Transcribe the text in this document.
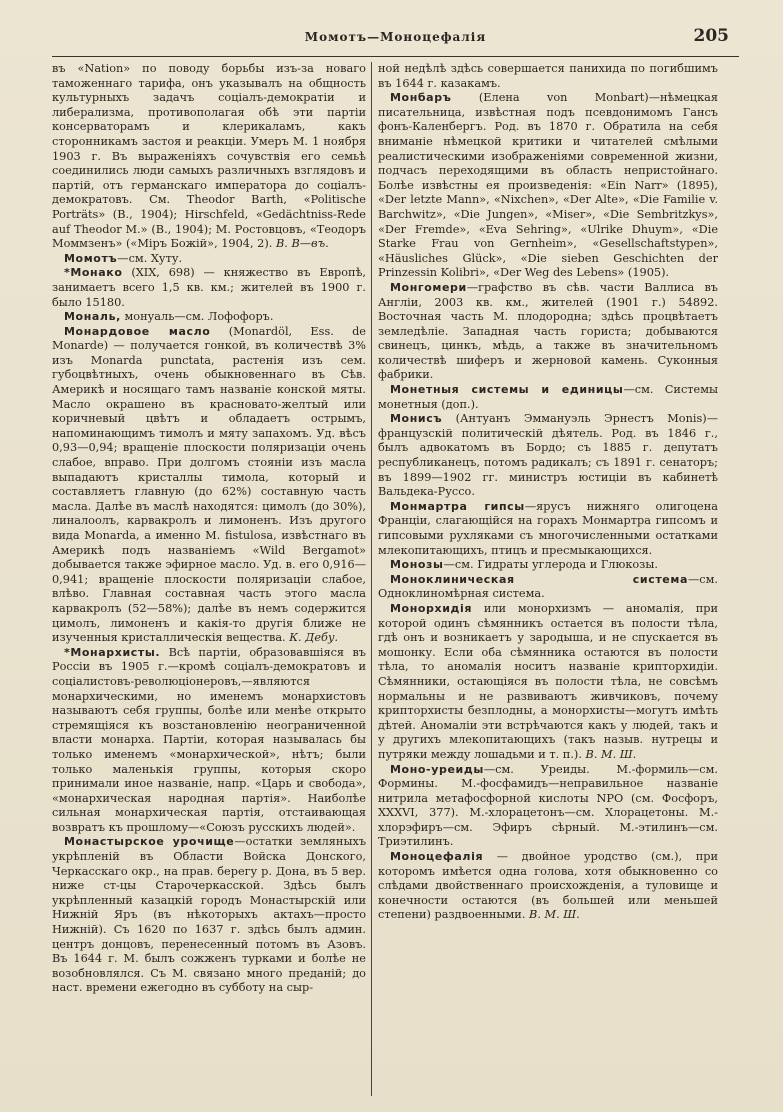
Момотъ—Моноцефалія	205

въ «Nation» по поводу борьбы изъ-за новаго таможеннаго тарифа, онъ указывалъ на общность культурныхъ задачъ соціалъ-демократіи и либерализма, противополагая обѣ эти партіи консерваторамъ и клерикаламъ, какъ сторонникамъ застоя и реакціи. Умеръ М. 1 ноября 1903 г. Въ выраженіяхъ сочувствія его семьѣ соединились люди самыхъ различныхъ взглядовъ и партій, отъ германскаго императора до соціалъ-демократовъ. См. Theodor Barth, «Politische Porträts» (B., 1904); Hirschfeld, «Gedächtniss-Rede auf Theodor M.» (B., 1904); М. Ростовцовъ, «Теодоръ Моммзенъ» («Міръ Божій», 1904, 2). В. В—въ.

Момотъ—см. Хуту.

*Монако (XIX, 698) — княжество въ Европѣ, занимаетъ всего 1,5 кв. км.; жителей въ 1900 г. было 15180.

Мональ, монуаль—см. Лофофоръ.

Монардовое масло (Monardöl, Ess. de Monarde) — получается гонкой, въ количествѣ 3% изъ Monarda punctata, растенія изъ сем. губоцвѣтныхъ, очень обыкновеннаго въ Сѣв. Америкѣ и носящаго тамъ названіе конской мяты. Масло окрашено въ красновато-желтый или коричневый цвѣтъ и обладаетъ острымъ, напоминающимъ тимолъ и мяту запахомъ. Уд. вѣсъ 0,93—0,94; вращеніе плоскости поляризаціи очень слабое, вправо. При долгомъ стояніи изъ масла выпадаютъ кристаллы тимола, который и составляетъ главную (до 62%) составную часть масла. Далѣе въ маслѣ находятся: цимолъ (до 30%), линалоолъ, карвакролъ и лимоненъ. Изъ другого вида Monarda, а именно M. fistulosa, извѣстнаго въ Америкѣ подъ названіемъ «Wild Bergamot» добывается также эфирное масло. Уд. в. его 0,916—0,941; вращеніе плоскости поляризаціи слабое, влѣво. Главная составная часть этого масла карвакролъ (52—58%); далѣе въ немъ содержится цимолъ, лимоненъ и какія-то другія ближе не изученныя кристаллическія вещества. К. Дебу.

*Монархисты. Всѣ партіи, образовавшіяся въ Россіи въ 1905 г.—кромѣ соціалъ-демократовъ и соціалистовъ-революціонеровъ,—являются монархическими, но именемъ монархистовъ называютъ себя группы, болѣе или менѣе открыто стремящіяся къ возстановленію неограниченной власти монарха. Партіи, которая называлась бы только именемъ «монархической», нѣтъ; были только маленькія группы, которыя скоро принимали иное названіе, напр. «Царь и свобода», «монархическая народная партія». Наиболѣе сильная монархическая партія, отстаивающая возвратъ къ прошлому—«Союзъ русскихъ людей».

Монастырское урочище—остатки земляныхъ укрѣпленій въ Области Войска Донского, Черкасскаго окр., на прав. берегу р. Дона, въ 5 вер. ниже ст-цы Старочеркасской. Здѣсь былъ укрѣпленный казацкій городъ Монастырскій или Нижній Яръ (въ нѣкоторыхъ актахъ—просто Нижній). Съ 1620 по 1637 г. здѣсь былъ админ. центръ донцовъ, перенесенный потомъ въ Азовъ. Въ 1644 г. М. былъ сожженъ турками и болѣе не возобновлялся. Съ М. связано много преданій; до наст. времени ежегодно въ субботу на сыр-

ной недѣлѣ здѣсь совершается панихида по погибшимъ въ 1644 г. казакамъ.

Монбаръ (Елена von Monbart)—нѣмецкая писательница, извѣстная подъ псевдонимомъ Гансъ фонъ-Каленбергъ. Род. въ 1870 г. Обратила на себя вниманіе нѣмецкой критики и читателей смѣлыми реалистическими изображеніями современной жизни, подчасъ переходящими въ область непристойнаго. Болѣе извѣстны ея произведенія: «Ein Narr» (1895), «Der letzte Mann», «Nixchen», «Der Alte», «Die Familie v. Barchwitz», «Die Jungen», «Miser», «Die Sembritzkys», «Der Fremde», «Eva Sehring», «Ulrike Dhuym», «Die Starke Frau von Gernheim», «Gesellschaftstypen», «Häusliches Glück», «Die sieben Geschichten der Prinzessin Kolibri», «Der Weg des Lebens» (1905).

Монгомери—графство въ сѣв. части Валлиса въ Англіи, 2003 кв. км., жителей (1901 г.) 54892. Восточная часть М. плодородна; здѣсь процвѣтаетъ земледѣліе. Западная часть гориста; добываются свинецъ, цинкъ, мѣдь, а также въ значительномъ количествѣ шиферъ и жерновой камень. Суконныя фабрики.

Монетныя системы и единицы—см. Системы монетныя (доп.).

Монисъ (Антуанъ Эммануэль Эрнестъ Monis)—французскій политическій дѣятель. Род. въ 1846 г., былъ адвокатомъ въ Бордо; съ 1885 г. депутатъ республиканецъ, потомъ радикалъ; съ 1891 г. сенаторъ; въ 1899—1902 гг. министръ юстиціи въ кабинетѣ Вальдека-Руссо.

Монмартра гипсы—ярусъ нижняго олигоцена Франціи, слагающійся на горахъ Монмартра гипсомъ и гипсовыми рухляками съ многочисленными остатками млекопитающихъ, птицъ и пресмыкающихся.

Монозы—см. Гидраты углерода и Глюкозы.

Моноклиническая система—см. Одноклиномѣрная система.

Монорхидія или монорхизмъ — аномалія, при которой одинъ сѣмянникъ остается въ полости тѣла, гдѣ онъ и возникаетъ у зародыша, и не спускается въ мошонку. Если оба сѣмянника остаются въ полости тѣла, то аномалія носитъ названіе крипторхидіи. Сѣмянники, остающіяся въ полости тѣла, не совсѣмъ нормальны и не развиваютъ живчиковъ, почему крипторхисты безплодны, а монорхисты—могутъ имѣть дѣтей. Аномаліи эти встрѣчаются какъ у людей, такъ и у другихъ млекопитающихъ (такъ назыв. нутрецы и путряки между лошадьми и т. п.). В. М. Ш.

Моно-уреиды—см. Уреиды. М.-формиль—см. Формины. М.-фосфамидъ—неправильное названіе нитрила метафосфорной кислоты NPO (см. Фосфоръ, XXXVI, 377). М.-хлорацетонъ—см. Хлорацетоны. М.-хлорэфиръ—см. Эфиръ сѣрный. М.-этилинъ—см. Триэтилинъ.

Моноцефалія — двойное уродство (см.), при которомъ имѣется одна голова, хотя обыкновенно со слѣдами двойственнаго происхожденія, а туловище и конечности остаются (въ большей или меньшей степени) раздвоенными. В. М. Ш.
